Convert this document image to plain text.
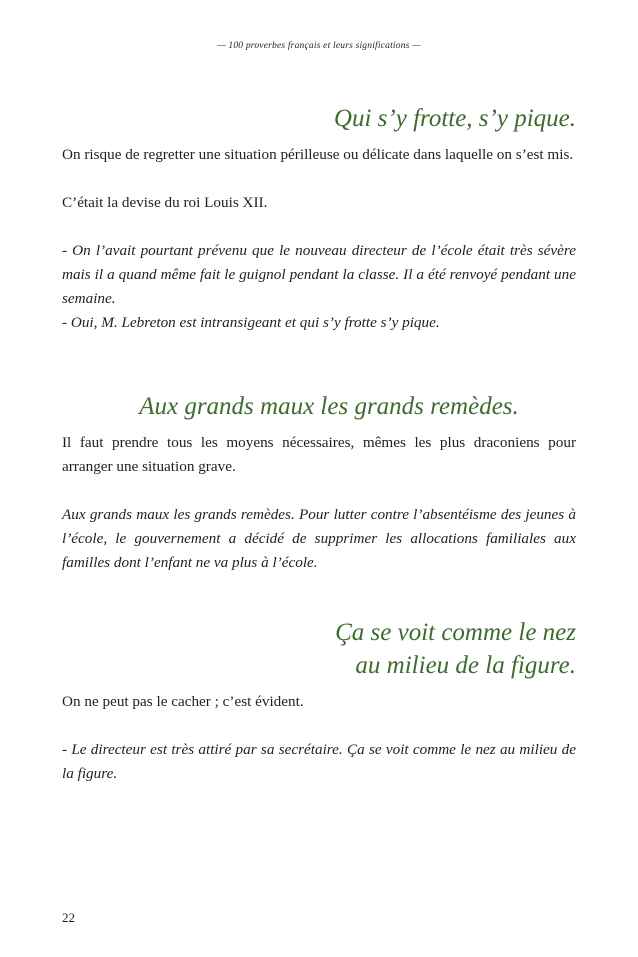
— 100 proverbes français et leurs significations —
Qui s’y frotte, s’y pique.

On risque de regretter une situation périlleuse ou délicate dans laquelle on s’est mis.

C’était la devise du roi Louis XII.

- On l’avait pourtant prévenu que le nouveau directeur de l’école était très sévère mais il a quand même fait le guignol pendant la classe. Il a été renvoyé pendant une semaine.

- Oui, M. Lebreton est intransigeant et qui s’y frotte s’y pique.

Aux grands maux les grands remèdes.

Il faut prendre tous les moyens nécessaires, mêmes les plus draconiens pour arranger une situation grave.

Aux grands maux les grands remèdes. Pour lutter contre l’absentéisme des jeunes à l’école, le gouvernement a décidé de supprimer les allocations familiales aux familles dont l’enfant ne va plus à l’école.

Ça se voit comme le nez
au milieu de la figure.

On ne peut pas le cacher ; c’est évident.

- Le directeur est très attiré par sa secrétaire. Ça se voit comme le nez au milieu de la figure.

22
